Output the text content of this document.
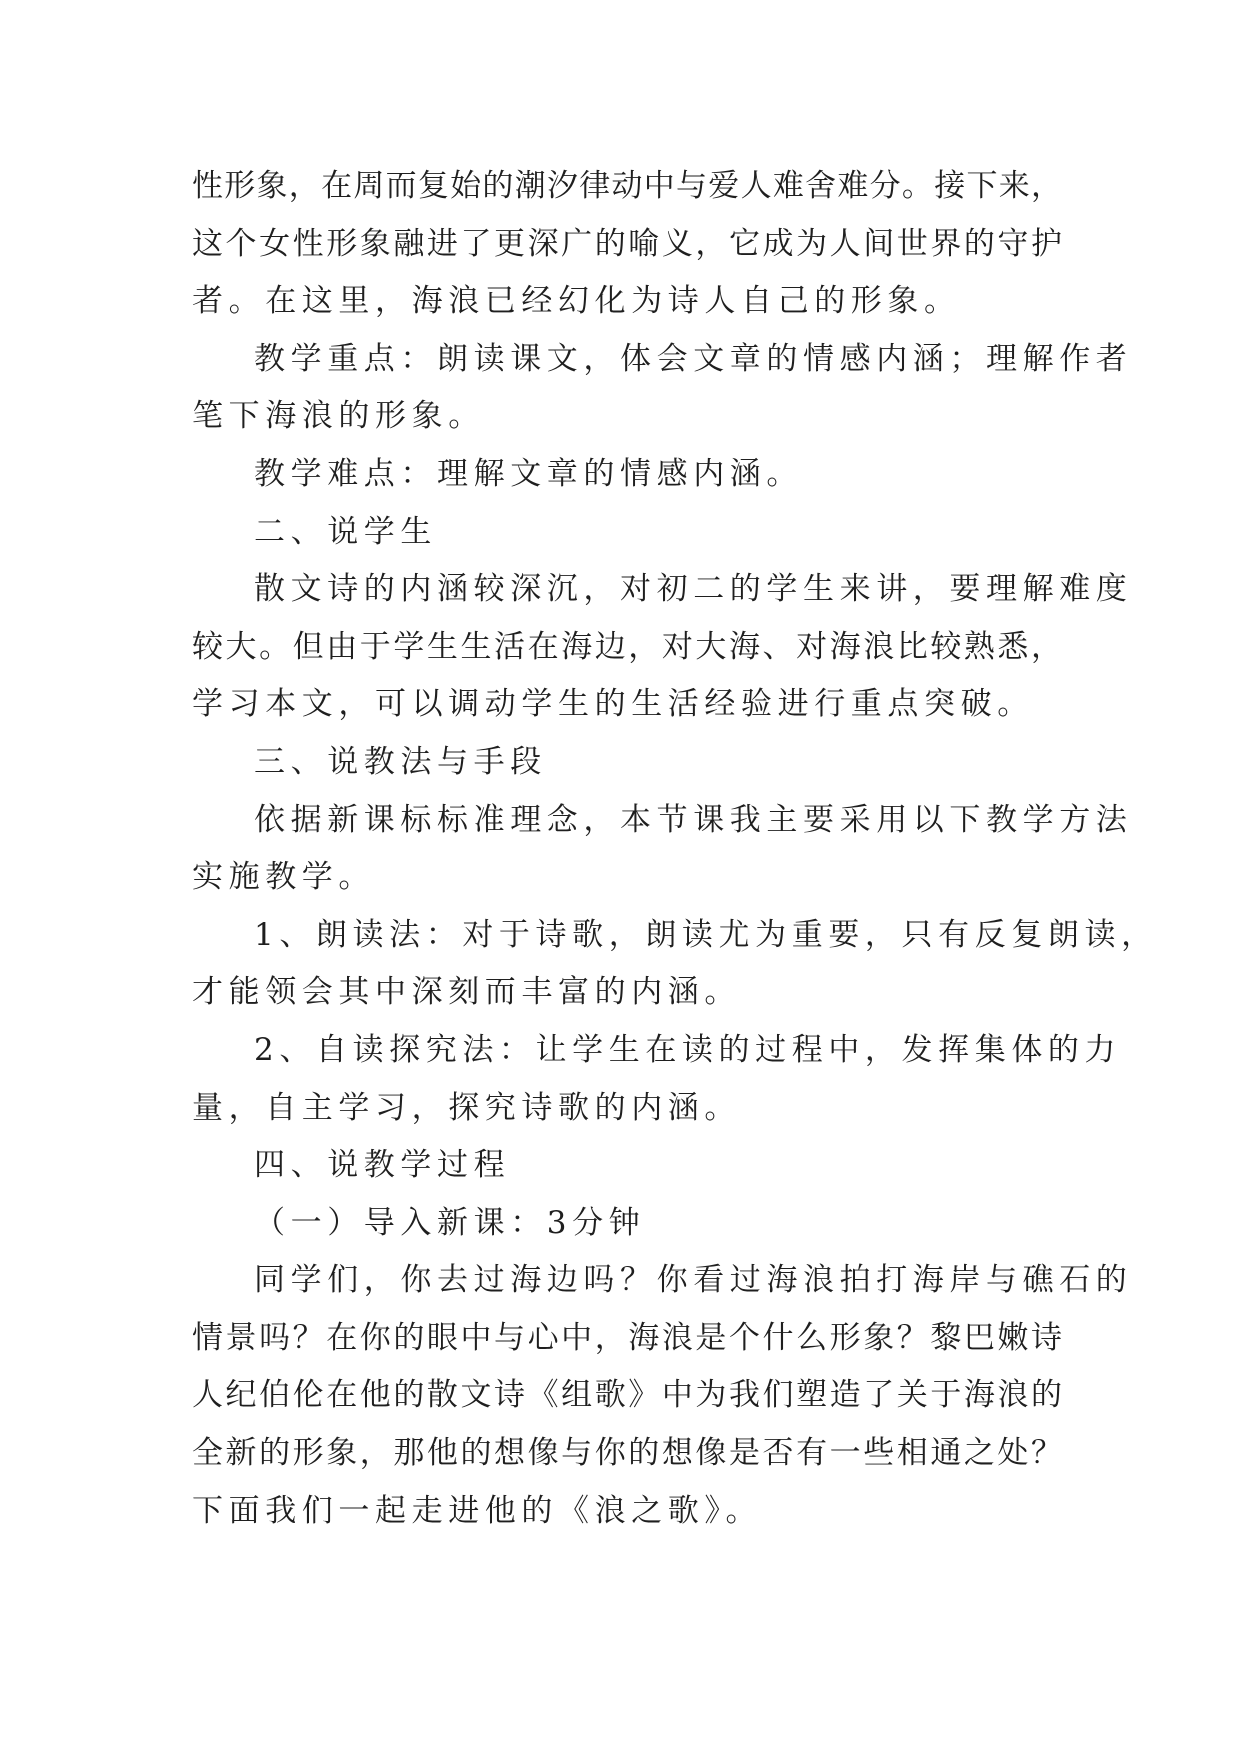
性形象，在周而复始的潮汐律动中与爱人难舍难分。接下来，
这个女性形象融进了更深广的喻义，它成为人间世界的守护
者。在这里，海浪已经幻化为诗人自己的形象。
教学重点：朗读课文，体会文章的情感内涵；理解作者
笔下海浪的形象。
教学难点：理解文章的情感内涵。
二、说学生
散文诗的内涵较深沉，对初二的学生来讲，要理解难度
较大。但由于学生生活在海边，对大海、对海浪比较熟悉，
学习本文，可以调动学生的生活经验进行重点突破。
三、说教法与手段
依据新课标标准理念，本节课我主要采用以下教学方法
实施教学。
1、朗读法：对于诗歌，朗读尤为重要，只有反复朗读，
才能领会其中深刻而丰富的内涵。
2、自读探究法：让学生在读的过程中，发挥集体的力
量，自主学习，探究诗歌的内涵。
四、说教学过程
（一）导入新课：3分钟
同学们，你去过海边吗？你看过海浪拍打海岸与礁石的
情景吗？在你的眼中与心中，海浪是个什么形象？黎巴嫩诗
人纪伯伦在他的散文诗《组歌》中为我们塑造了关于海浪的
全新的形象，那他的想像与你的想像是否有一些相通之处？
下面我们一起走进他的《浪之歌》。
